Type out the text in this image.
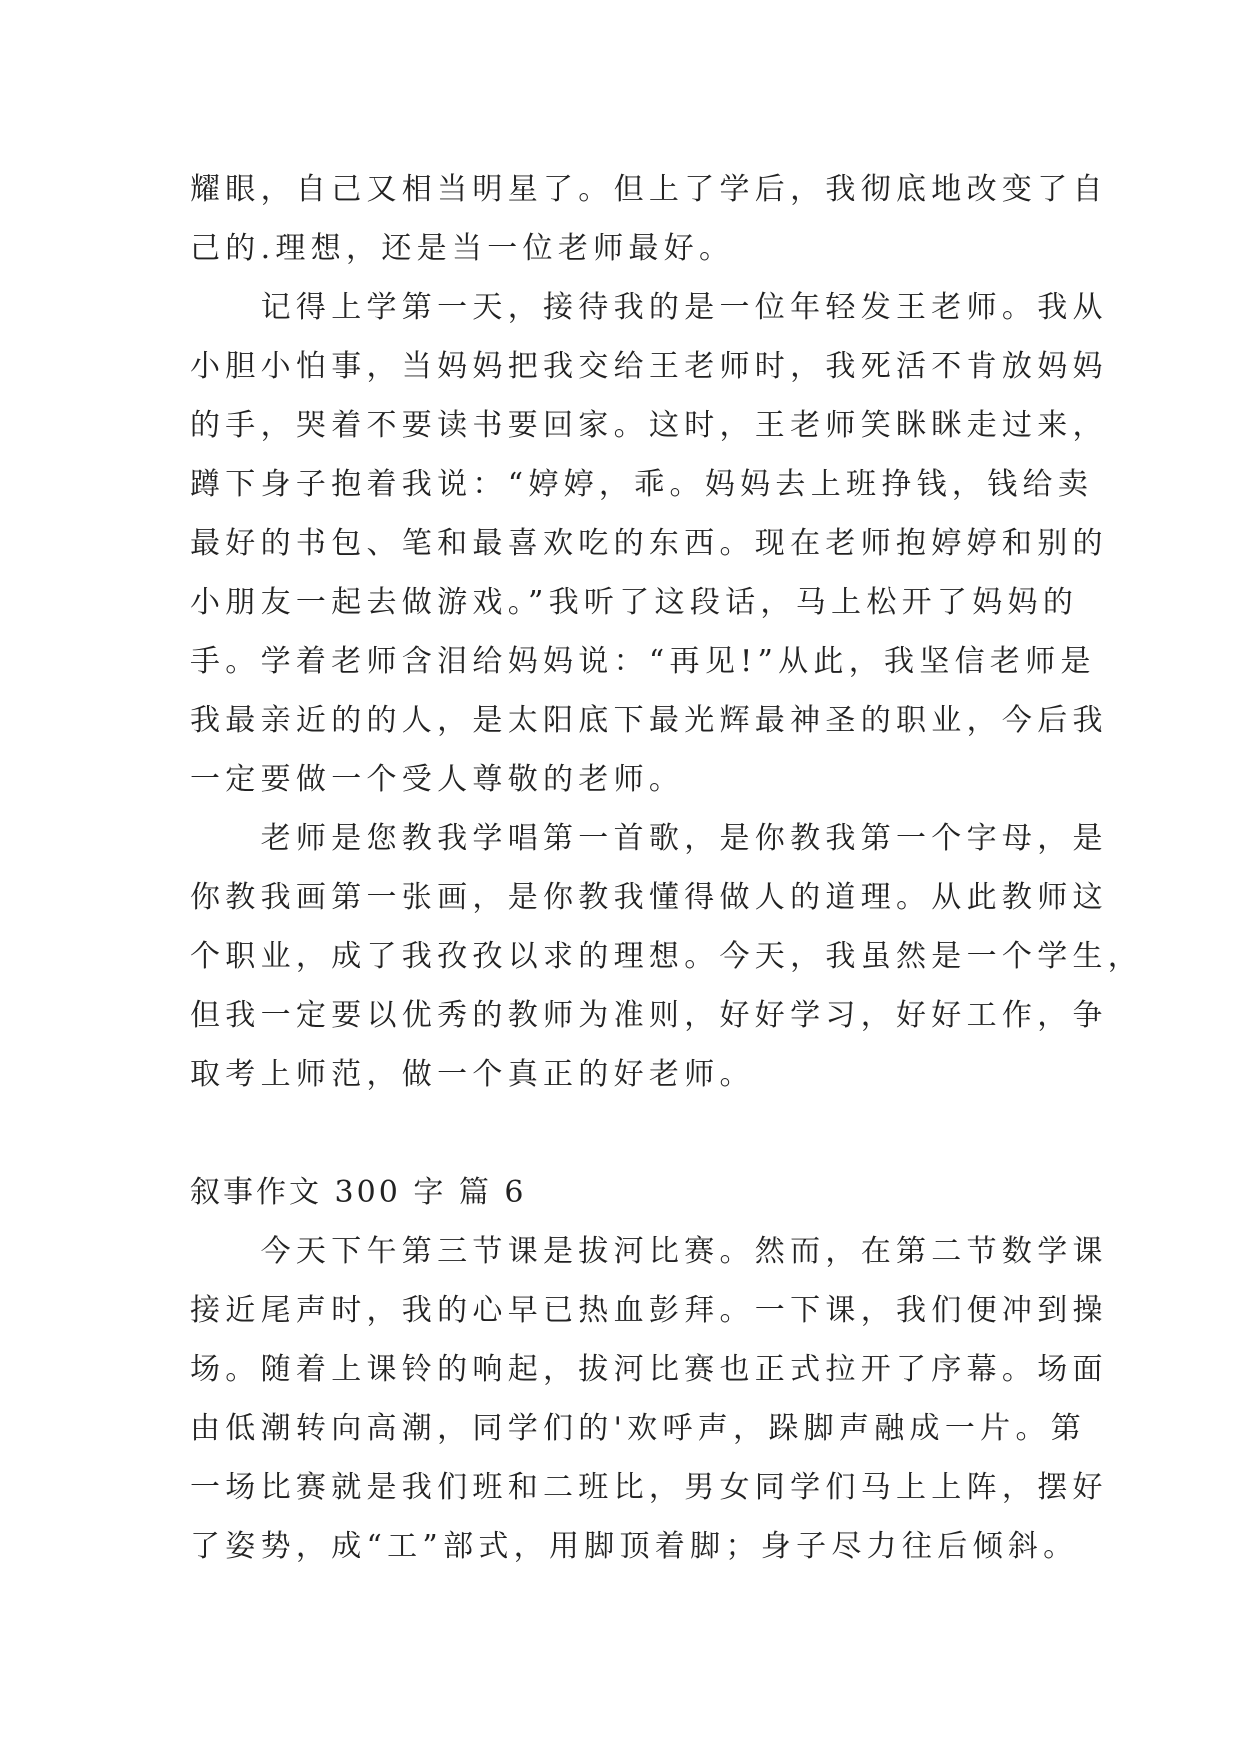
耀眼，自己又相当明星了。但上了学后，我彻底地改变了自
己的.理想，还是当一位老师最好。
　　记得上学第一天，接待我的是一位年轻发王老师。我从
小胆小怕事，当妈妈把我交给王老师时，我死活不肯放妈妈
的手，哭着不要读书要回家。这时，王老师笑眯眯走过来，
蹲下身子抱着我说：“婷婷，乖。妈妈去上班挣钱，钱给卖
最好的书包、笔和最喜欢吃的东西。现在老师抱婷婷和别的
小朋友一起去做游戏。”我听了这段话，马上松开了妈妈的
手。学着老师含泪给妈妈说：“再见!”从此，我坚信老师是
我最亲近的的人，是太阳底下最光辉最神圣的职业，今后我
一定要做一个受人尊敬的老师。
　　老师是您教我学唱第一首歌，是你教我第一个字母，是
你教我画第一张画，是你教我懂得做人的道理。从此教师这
个职业，成了我孜孜以求的理想。今天，我虽然是一个学生，
但我一定要以优秀的教师为准则，好好学习，好好工作，争
取考上师范，做一个真正的好老师。
叙事作文 300 字 篇 6
　　今天下午第三节课是拔河比赛。然而，在第二节数学课
接近尾声时，我的心早已热血彭拜。一下课，我们便冲到操
场。随着上课铃的响起，拔河比赛也正式拉开了序幕。场面
由低潮转向高潮，同学们的'欢呼声，跺脚声融成一片。第
一场比赛就是我们班和二班比，男女同学们马上上阵，摆好
了姿势，成“工”部式，用脚顶着脚；身子尽力往后倾斜。
